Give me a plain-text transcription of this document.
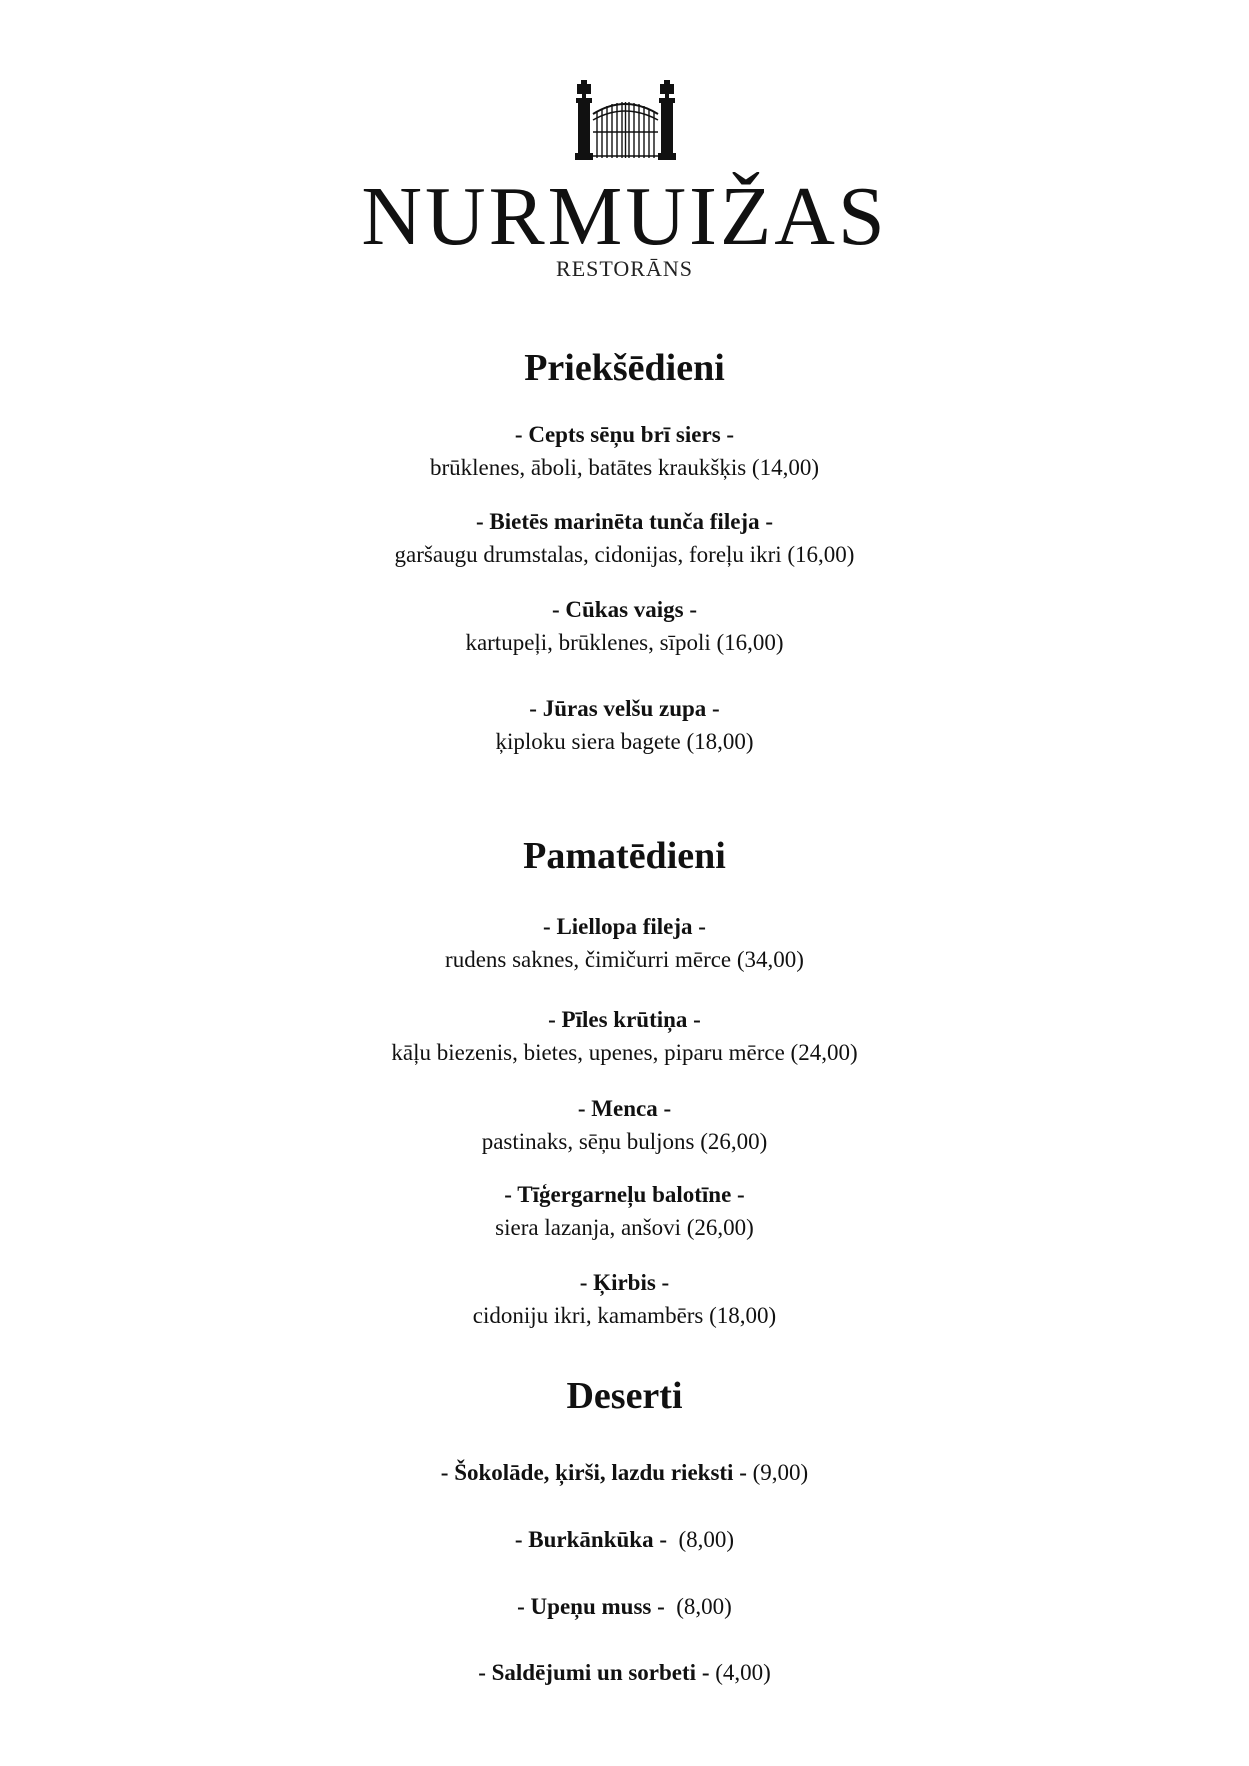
NURMUIŽAS
RESTORĀNS
Priekšēdieni
- Cepts sēņu brī siers -
brūklenes, āboli, batātes kraukšķis (14,00)
- Bietēs marinēta tunča fileja -
garšaugu drumstalas, cidonijas, foreļu ikri (16,00)
- Cūkas vaigs -
kartupeļi, brūklenes, sīpoli (16,00)
- Jūras velšu zupa -
ķiploku siera bagete (18,00)
Pamatēdieni
- Liellopa fileja -
rudens saknes, čimičurri mērce (34,00)
- Pīles krūtiņa -
kāļu biezenis, bietes, upenes, piparu mērce (24,00)
- Menca -
pastinaks, sēņu buljons (26,00)
- Tīģergarneļu balotīne -
siera lazanja, anšovi (26,00)
- Ķirbis -
cidoniju ikri, kamambērs (18,00)
Deserti
- Šokolāde, ķirši, lazdu rieksti - (9,00)
- Burkānkūka - (8,00)
- Upeņu muss - (8,00)
- Saldējumi un sorbeti - (4,00)
